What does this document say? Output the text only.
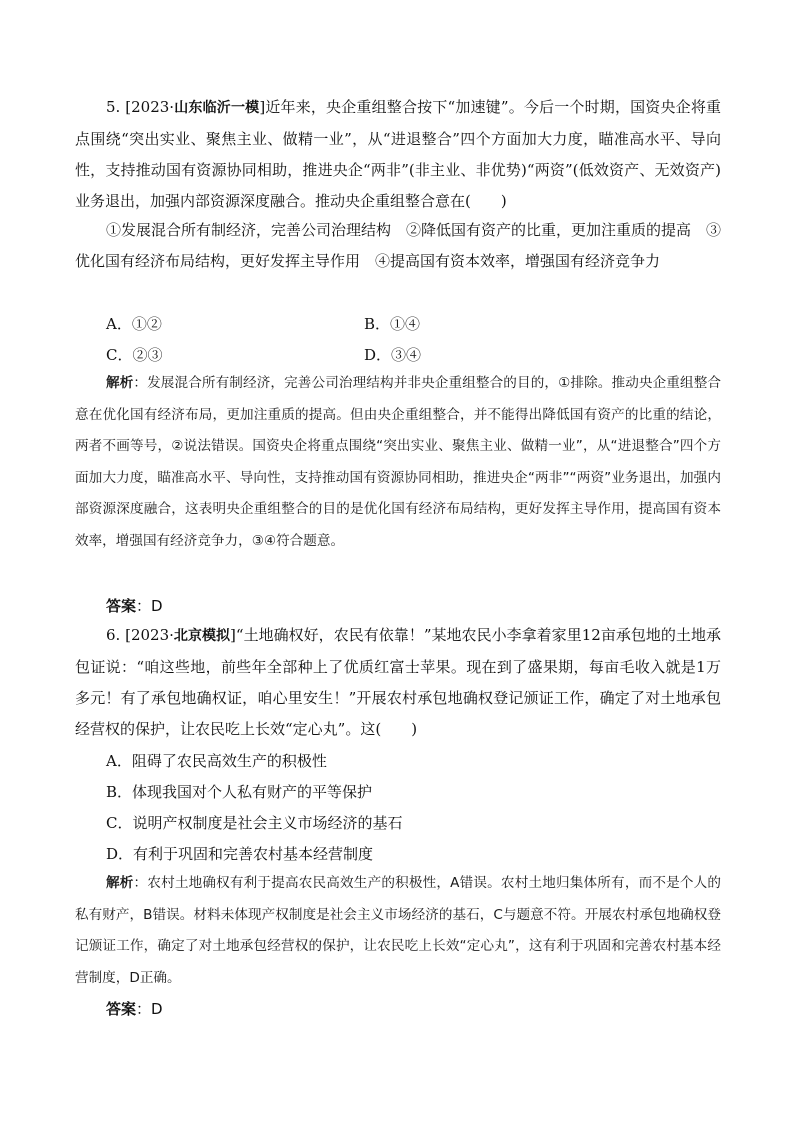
5. [2023·山东临沂一模]近年来，央企重组整合按下“加速键”。今后一个时期，国资央企将重点围绕“突出实业、聚焦主业、做精一业”，从“进退整合”四个方面加大力度，瞄准高水平、导向性，支持推动国有资源协同相助，推进央企“两非”(非主业、非优势)“两资”(低效资产、无效资产)业务退出，加强内部资源深度融合。推动央企重组整合意在(　　)

①发展混合所有制经济，完善公司治理结构　②降低国有资产的比重，更加注重质的提高　③优化国有经济布局结构，更好发挥主导作用　④提高国有资本效率，增强国有经济竞争力

A．①②	B．①④
C．②③	D．③④

解析：发展混合所有制经济，完善公司治理结构并非央企重组整合的目的，①排除。推动央企重组整合意在优化国有经济布局，更加注重质的提高。但由央企重组整合，并不能得出降低国有资产的比重的结论，两者不画等号，②说法错误。国资央企将重点围绕“突出实业、聚焦主业、做精一业”，从“进退整合”四个方面加大力度，瞄准高水平、导向性，支持推动国有资源协同相助，推进央企“两非”“两资”业务退出，加强内部资源深度融合，这表明央企重组整合的目的是优化国有经济布局结构，更好发挥主导作用，提高国有资本效率，增强国有经济竞争力，③④符合题意。

答案：D

6. [2023·北京模拟]“土地确权好，农民有依靠！”某地农民小李拿着家里12亩承包地的土地承包证说：“咱这些地，前些年全部种上了优质红富士苹果。现在到了盛果期，每亩毛收入就是1万多元！有了承包地确权证，咱心里安生！”开展农村承包地确权登记颁证工作，确定了对土地承包经营权的保护，让农民吃上长效“定心丸”。这(　　)

A．阻碍了农民高效生产的积极性
B．体现我国对个人私有财产的平等保护
C．说明产权制度是社会主义市场经济的基石
D．有利于巩固和完善农村基本经营制度

解析：农村土地确权有利于提高农民高效生产的积极性，A错误。农村土地归集体所有，而不是个人的私有财产，B错误。材料未体现产权制度是社会主义市场经济的基石，C与题意不符。开展农村承包地确权登记颁证工作，确定了对土地承包经营权的保护，让农民吃上长效“定心丸”，这有利于巩固和完善农村基本经营制度，D正确。

答案：D
